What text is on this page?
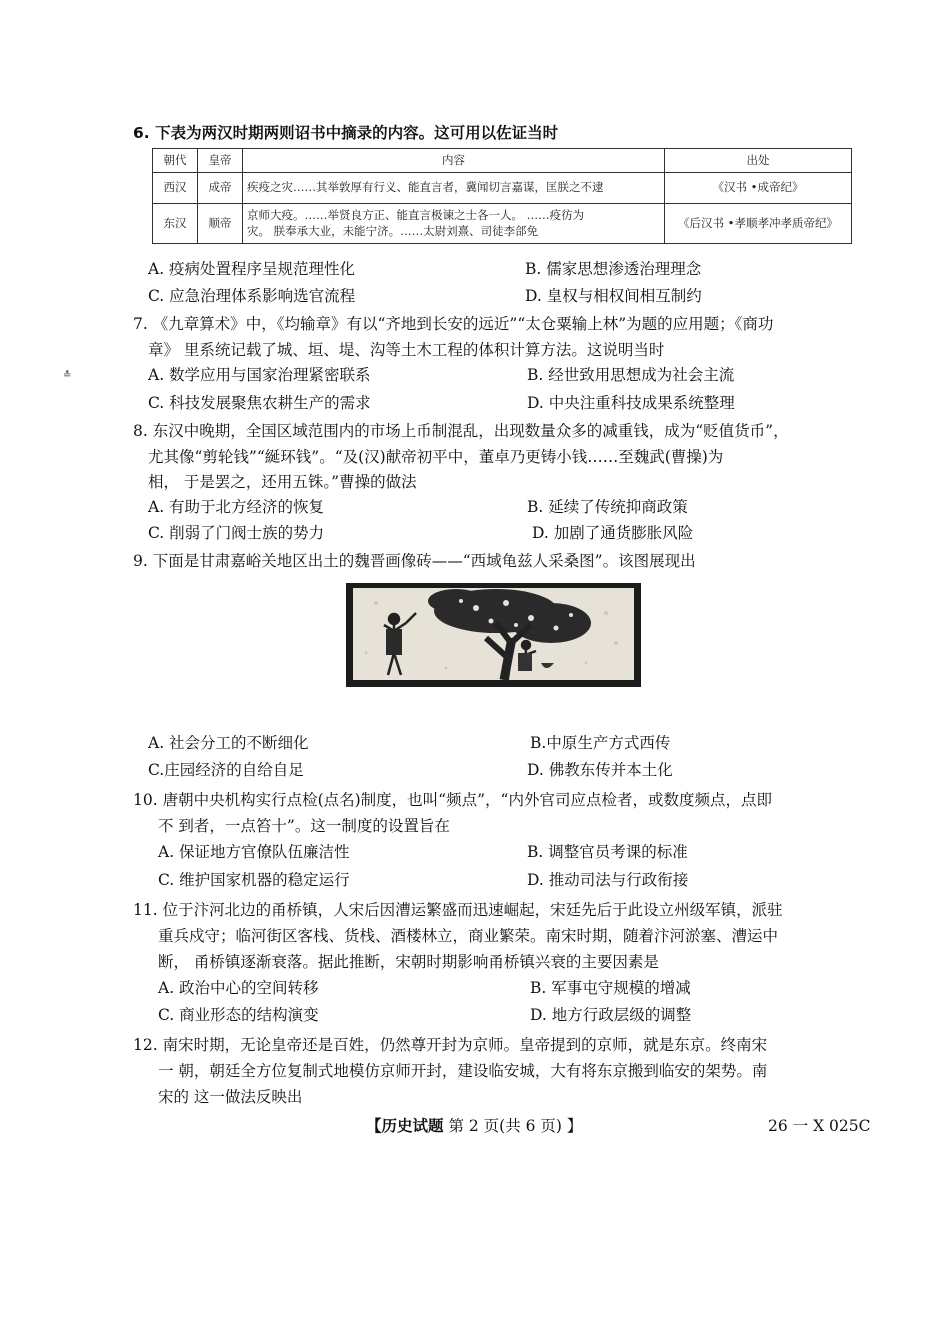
6. 下表为两汉时期两则诏书中摘录的内容。这可用以佐证当时
朝代	皇帝	内容	出处
西汉	成帝	疾疫之灾……其举敦厚有行义、能直言者，冀闻切言嘉谋，匡朕之不逮	《汉书 •成帝纪》
东汉	顺帝	京师大疫。……举贤良方正、能直言极谏之士各一人。 ……疫彷为
灾。 朕奉承大业，未能宁济。……太尉刘熹、司徒李郃免	《后汉书 •孝顺孝冲孝质帝纪》
A. 疫病处置程序呈规范理性化	B. 儒家思想渗透治理理念
C. 应急治理体系影响选官流程	D. 皇权与相权间相互制约
7. 《九章算术》中，《均输章》有以“齐地到长安的远近”“太仓粟输上林”为题的应用题；《商功
章》 里系统记载了城、垣、堤、沟等土木工程的体积计算方法。这说明当时
A. 数学应用与国家治理紧密联系	B. 经世致用思想成为社会主流
C. 科技发展聚焦农耕生产的需求	D. 中央注重科技成果系统整理
≛
8. 东汉中晚期，全国区域范围内的市场上币制混乱，出现数量众多的减重钱，成为“贬值货币”，
尤其像“剪轮钱”“綖环钱”。“及(汉)献帝初平中，董卓乃更铸小钱……至魏武(曹操)为
相， 于是罢之，还用五铢。”曹操的做法
A. 有助于北方经济的恢复	B. 延续了传统抑商政策
C. 削弱了门阀士族的势力	D. 加剧了通货膨胀风险
9. 下面是甘肃嘉峪关地区出土的魏晋画像砖——“西域龟兹人采桑图”。该图展现出
A. 社会分工的不断细化	B.中原生产方式西传
C.庄园经济的自给自足	D. 佛教东传并本土化
10. 唐朝中央机构实行点检(点名)制度，也叫“频点”，“内外官司应点检者，或数度频点，点即
不 到者，一点笞十”。这一制度的设置旨在
A. 保证地方官僚队伍廉洁性	B. 调整官员考课的标准
C. 维护国家机器的稳定运行	D. 推动司法与行政衔接
11. 位于汴河北边的甬桥镇，人宋后因漕运繁盛而迅速崛起，宋廷先后于此设立州级军镇，派驻
重兵戍守；临河街区客栈、货栈、酒楼林立，商业繁荣。南宋时期，随着汴河淤塞、漕运中
断， 甬桥镇逐渐衰落。据此推断，宋朝时期影响甬桥镇兴衰的主要因素是
A. 政治中心的空间转移	B. 军事屯守规模的增减
C. 商业形态的结构演变	D. 地方行政层级的调整
12. 南宋时期，无论皇帝还是百姓，仍然尊开封为京师。皇帝提到的京师，就是东京。终南宋
一 朝，朝廷全方位复制式地模仿京师开封，建设临安城，大有将东京搬到临安的架势。南
宋的 这一做法反映出
【历史试题 第 2 页(共 6 页) 】	26 一 X 025C
